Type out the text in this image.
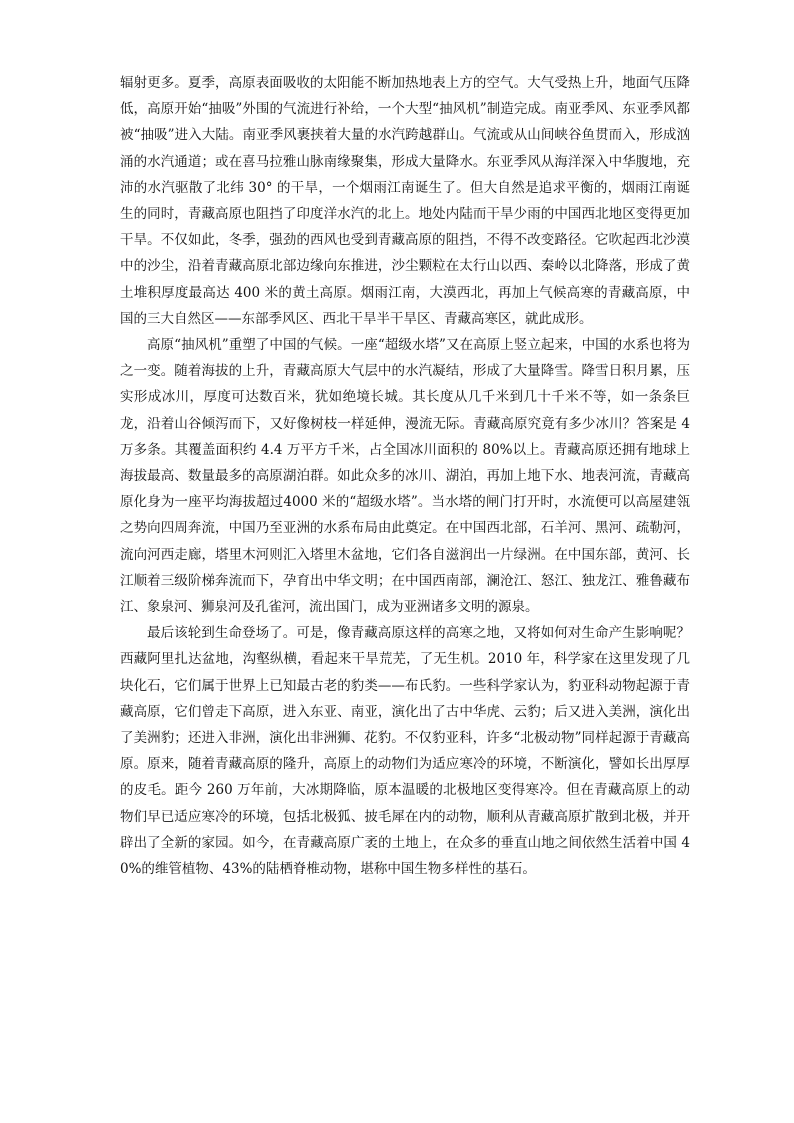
辐射更多。夏季，高原表面吸收的太阳能不断加热地表上方的空气。大气受热上升，地面气压降低，高原开始“抽吸”外围的气流进行补给，一个大型“抽风机”制造完成。南亚季风、东亚季风都被“抽吸”进入大陆。南亚季风裹挟着大量的水汽跨越群山。气流或从山间峡谷鱼贯而入，形成汹涌的水汽通道；或在喜马拉雅山脉南缘聚集，形成大量降水。东亚季风从海洋深入中华腹地，充沛的水汽驱散了北纬 30° 的干旱，一个烟雨江南诞生了。但大自然是追求平衡的，烟雨江南诞生的同时，青藏高原也阻挡了印度洋水汽的北上。地处内陆而干旱少雨的中国西北地区变得更加干旱。不仅如此，冬季，强劲的西风也受到青藏高原的阻挡，不得不改变路径。它吹起西北沙漠中的沙尘，沿着青藏高原北部边缘向东推进，沙尘颗粒在太行山以西、秦岭以北降落，形成了黄土堆积厚度最高达 400 米的黄土高原。烟雨江南，大漠西北，再加上气候高寒的青藏高原，中国的三大自然区——东部季风区、西北干旱半干旱区、青藏高寒区，就此成形。

高原“抽风机”重塑了中国的气候。一座“超级水塔”又在高原上竖立起来，中国的水系也将为之一变。随着海拔的上升，青藏高原大气层中的水汽凝结，形成了大量降雪。降雪日积月累，压实形成冰川，厚度可达数百米，犹如绝境长城。其长度从几千米到几十千米不等，如一条条巨龙，沿着山谷倾泻而下，又好像树枝一样延伸，漫流无际。青藏高原究竟有多少冰川？答案是 4 万多条。其覆盖面积约 4.4 万平方千米，占全国冰川面积的 80%以上。青藏高原还拥有地球上海拔最高、数量最多的高原湖泊群。如此众多的冰川、湖泊，再加上地下水、地表河流，青藏高原化身为一座平均海拔超过4000 米的“超级水塔”。当水塔的闸门打开时，水流便可以高屋建瓴之势向四周奔流，中国乃至亚洲的水系布局由此奠定。在中国西北部，石羊河、黑河、疏勒河，流向河西走廊，塔里木河则汇入塔里木盆地，它们各自滋润出一片绿洲。在中国东部，黄河、长江顺着三级阶梯奔流而下，孕育出中华文明；在中国西南部，澜沧江、怒江、独龙江、雅鲁藏布江、象泉河、狮泉河及孔雀河，流出国门，成为亚洲诸多文明的源泉。

最后该轮到生命登场了。可是，像青藏高原这样的高寒之地，又将如何对生命产生影响呢？西藏阿里扎达盆地，沟壑纵横，看起来干旱荒芜，了无生机。2010 年，科学家在这里发现了几块化石，它们属于世界上已知最古老的豹类——布氏豹。一些科学家认为，豹亚科动物起源于青藏高原，它们曾走下高原，进入东亚、南亚，演化出了古中华虎、云豹；后又进入美洲，演化出了美洲豹；还进入非洲，演化出非洲狮、花豹。不仅豹亚科，许多“北极动物”同样起源于青藏高原。原来，随着青藏高原的隆升，高原上的动物们为适应寒冷的环境，不断演化，譬如长出厚厚的皮毛。距今 260 万年前，大冰期降临，原本温暖的北极地区变得寒冷。但在青藏高原上的动物们早已适应寒冷的环境，包括北极狐、披毛犀在内的动物，顺利从青藏高原扩散到北极，并开辟出了全新的家园。如今，在青藏高原广袤的土地上，在众多的垂直山地之间依然生活着中国 40%的维管植物、43%的陆栖脊椎动物，堪称中国生物多样性的基石。
